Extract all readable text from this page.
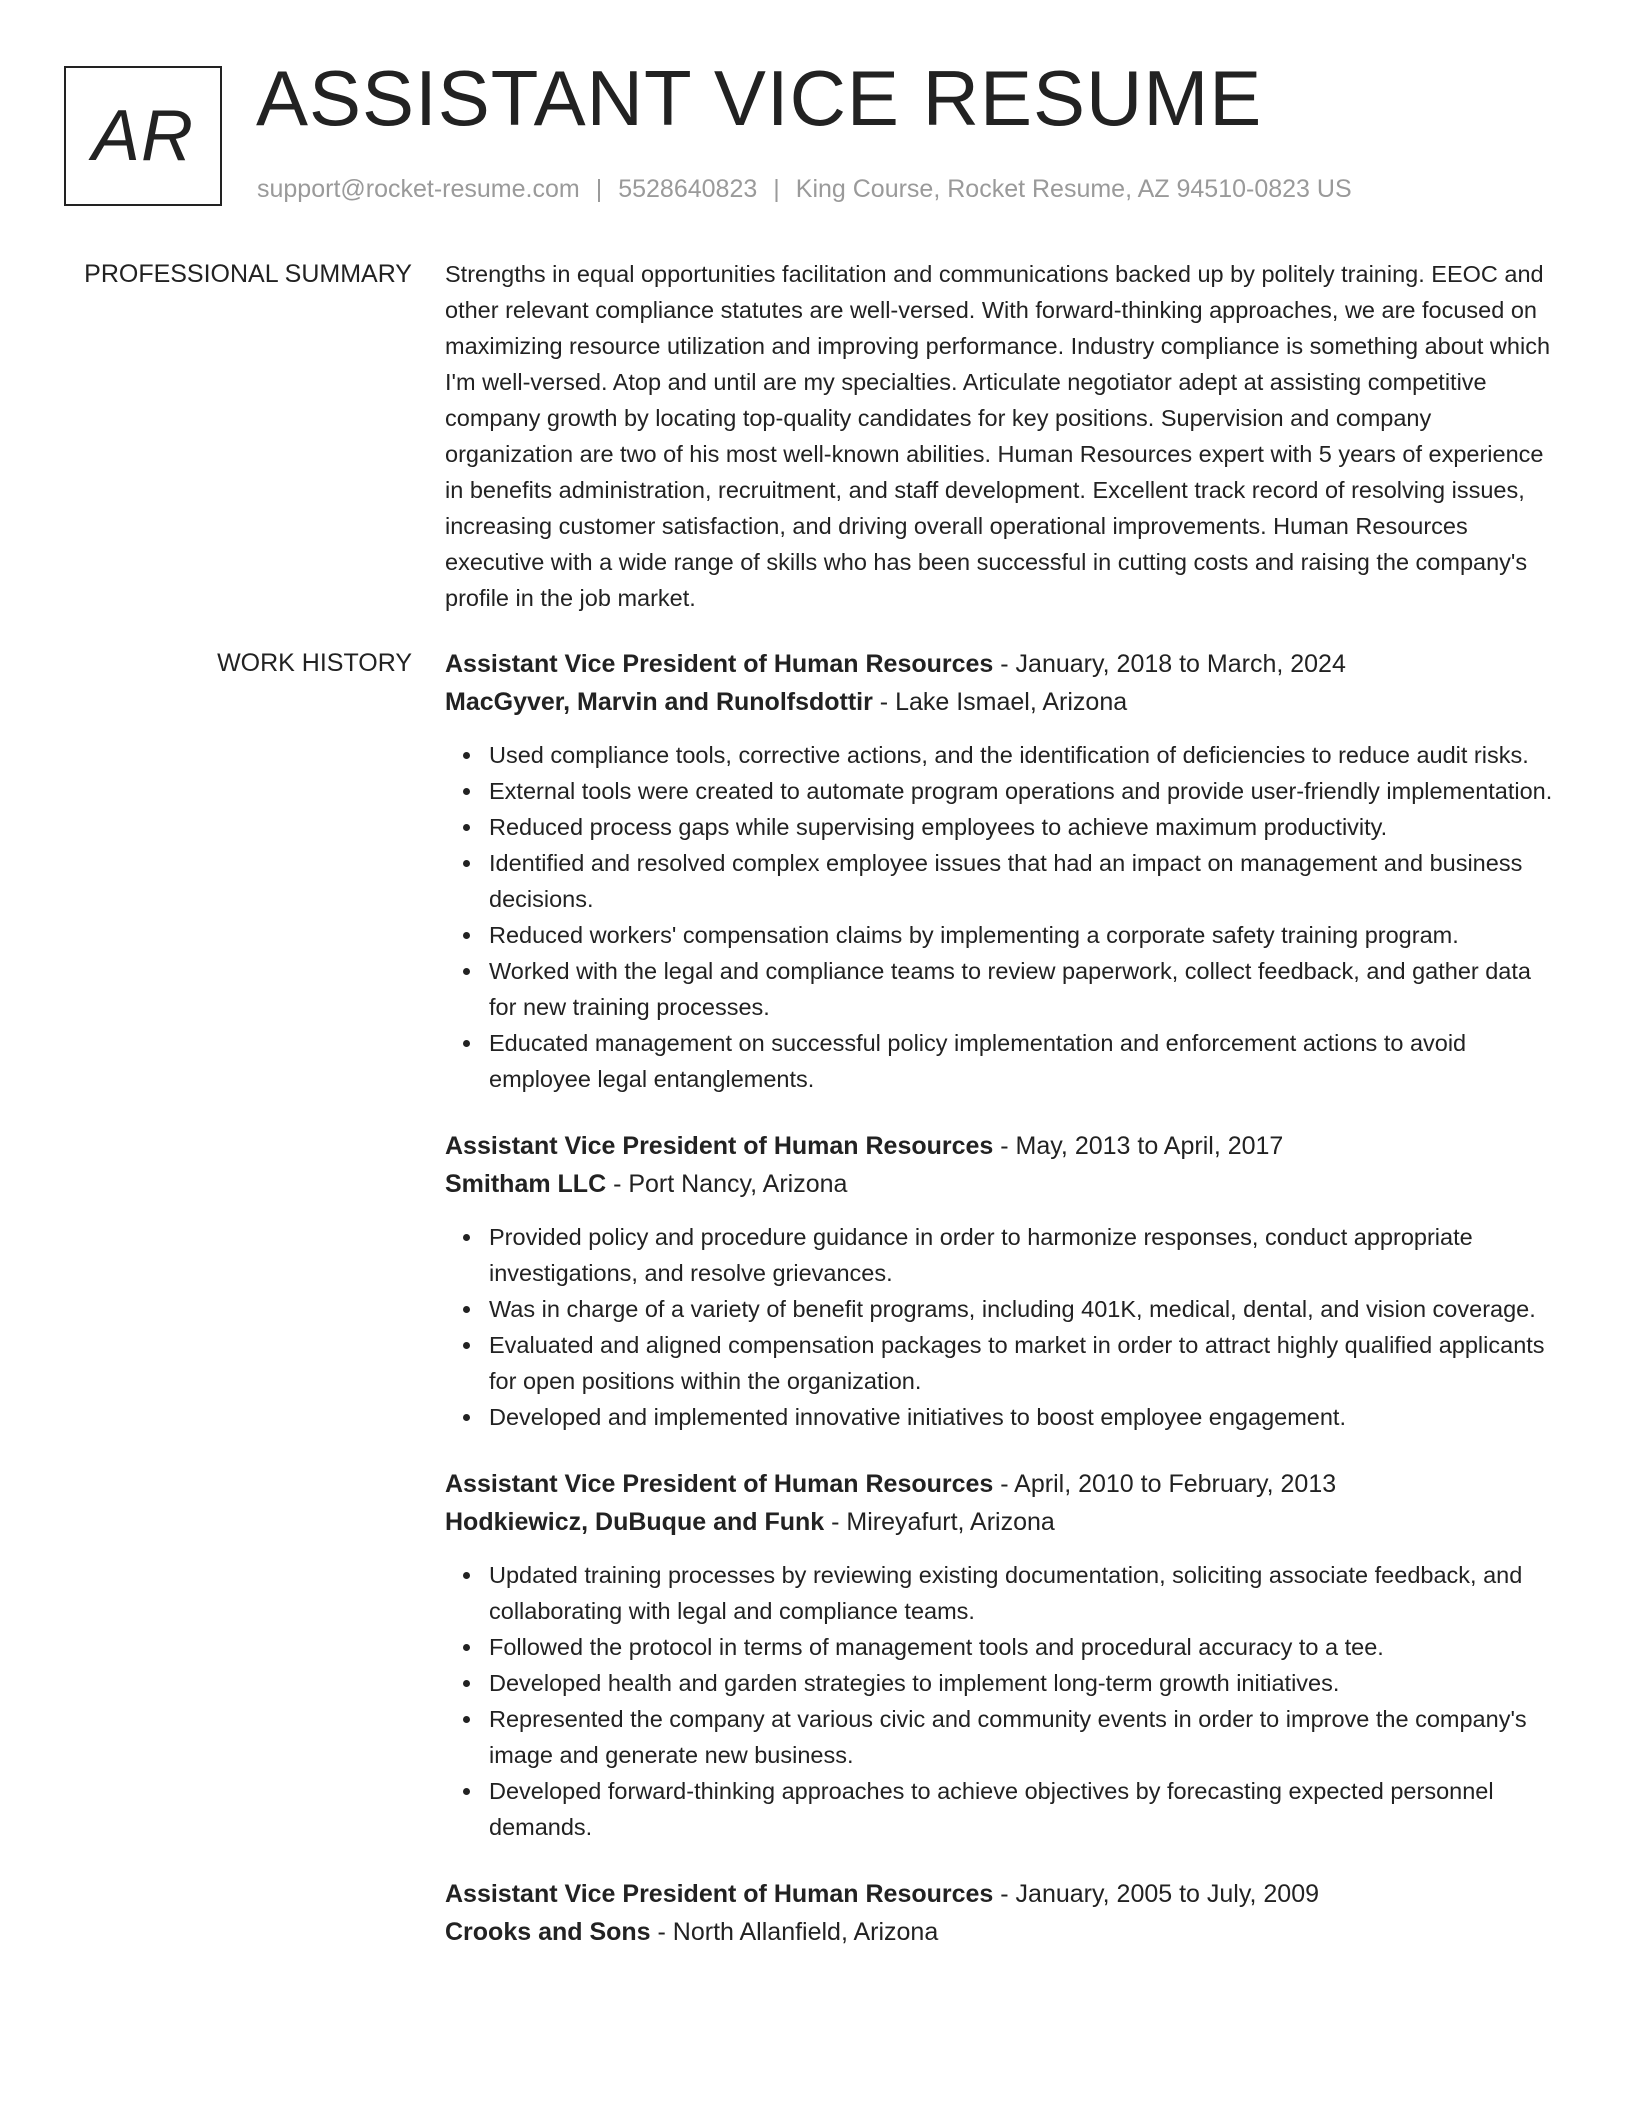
AR ASSISTANT VICE RESUME
support@rocket-resume.com | 5528640823 | King Course, Rocket Resume, AZ 94510-0823 US
PROFESSIONAL SUMMARY Strengths in equal opportunities facilitation and communications backed up by politely training. EEOC and other relevant compliance statutes are well-versed. With forward-thinking approaches, we are focused on maximizing resource utilization and improving performance. Industry compliance is something about which I'm well-versed. Atop and until are my specialties. Articulate negotiator adept at assisting competitive company growth by locating top-quality candidates for key positions. Supervision and company organization are two of his most well-known abilities. Human Resources expert with 5 years of experience in benefits administration, recruitment, and staff development. Excellent track record of resolving issues, increasing customer satisfaction, and driving overall operational improvements. Human Resources executive with a wide range of skills who has been successful in cutting costs and raising the company's profile in the job market.

WORK HISTORY Assistant Vice President of Human Resources - January, 2018 to March, 2024
MacGyver, Marvin and Runolfsdottir - Lake Ismael, Arizona
Used compliance tools, corrective actions, and the identification of deficiencies to reduce audit risks.
External tools were created to automate program operations and provide user-friendly implementation.
Reduced process gaps while supervising employees to achieve maximum productivity.
Identified and resolved complex employee issues that had an impact on management and business decisions.
Reduced workers' compensation claims by implementing a corporate safety training program.
Worked with the legal and compliance teams to review paperwork, collect feedback, and gather data for new training processes.
Educated management on successful policy implementation and enforcement actions to avoid employee legal entanglements.
Assistant Vice President of Human Resources - May, 2013 to April, 2017
Smitham LLC - Port Nancy, Arizona
Provided policy and procedure guidance in order to harmonize responses, conduct appropriate investigations, and resolve grievances.
Was in charge of a variety of benefit programs, including 401K, medical, dental, and vision coverage.
Evaluated and aligned compensation packages to market in order to attract highly qualified applicants for open positions within the organization.
Developed and implemented innovative initiatives to boost employee engagement.
Assistant Vice President of Human Resources - April, 2010 to February, 2013
Hodkiewicz, DuBuque and Funk - Mireyafurt, Arizona
Updated training processes by reviewing existing documentation, soliciting associate feedback, and collaborating with legal and compliance teams.
Followed the protocol in terms of management tools and procedural accuracy to a tee.
Developed health and garden strategies to implement long-term growth initiatives.
Represented the company at various civic and community events in order to improve the company's image and generate new business.
Developed forward-thinking approaches to achieve objectives by forecasting expected personnel demands.
Assistant Vice President of Human Resources - January, 2005 to July, 2009
Crooks and Sons - North Allanfield, Arizona
